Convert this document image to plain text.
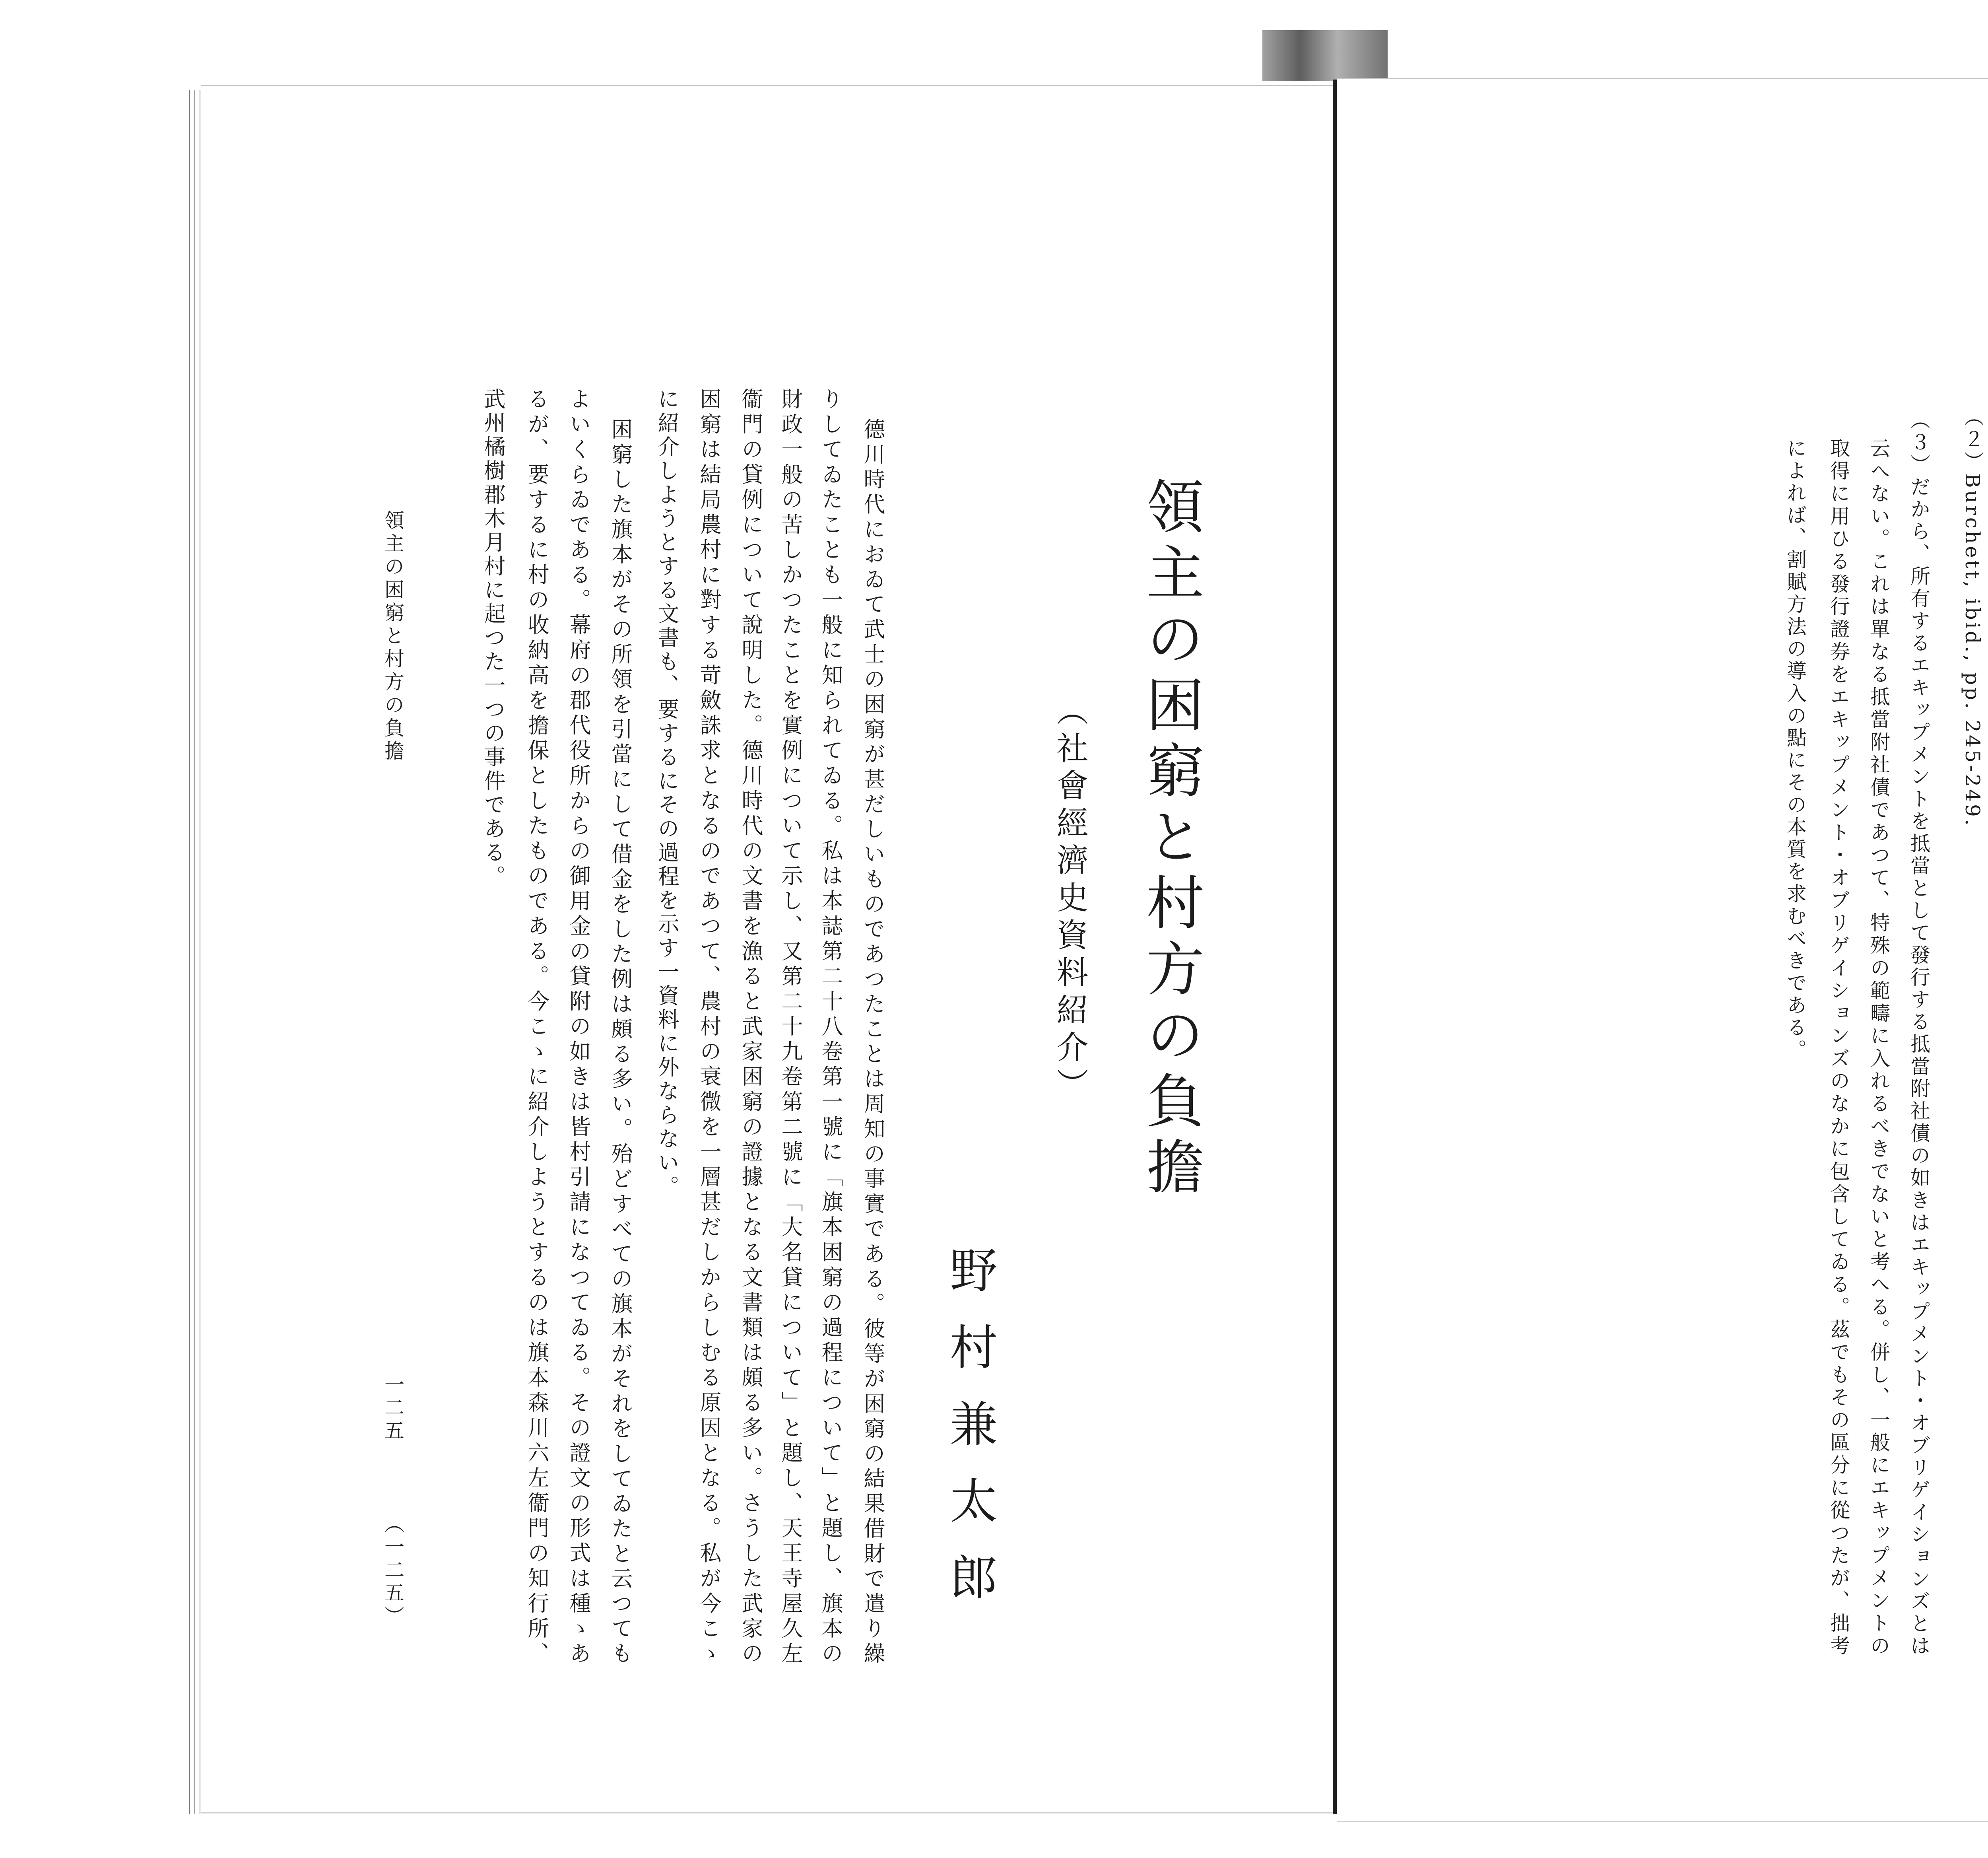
（２）Burchett, ibid., pp. 245-249.
（３）だから、所有するエキップメントを抵當として發行する抵當附社債の如きはエキップメント・オブリゲイションズとは
云へない。これは單なる抵當附社債であつて、特殊の範疇に入れるべきでないと考へる。併し、一般にエキップメントの
取得に用ひる發行證券をエキップメント・オブリゲイションズのなかに包含してゐる。茲でもその區分に從つたが、拙考
によれば、割賦方法の導入の點にその本質を求むべきである。
領主の困窮と村方の負擔
（社會經濟史資料紹介）
野村兼太郎
德川時代におゐて武士の困窮が甚だしいものであつたことは周知の事實である。彼等が困窮の結果借財で遣り繰
りしてゐたことも一般に知られてゐる。私は本誌第二十八卷第一號に「旗本困窮の過程について」と題し、旗本の
財政一般の苦しかつたことを實例について示し、又第二十九卷第二號に「大名貸について」と題し、天王寺屋久左
衞門の貸例について說明した。德川時代の文書を漁ると武家困窮の證據となる文書類は頗る多い。さうした武家の
困窮は結局農村に對する苛斂誅求となるのであつて、農村の衰微を一層甚だしからしむる原因となる。私が今こゝ
に紹介しようとする文書も、要するにその過程を示す一資料に外ならない。
困窮した旗本がその所領を引當にして借金をした例は頗る多い。殆どすべての旗本がそれをしてゐたと云つても
よいくらゐである。幕府の郡代役所からの御用金の貸附の如きは皆村引請になつてゐる。その證文の形式は種ゝあ
るが、要するに村の收納高を擔保としたものである。今こゝに紹介しようとするのは旗本森川六左衞門の知行所、
武州橘樹郡木月村に起つた一つの事件である。
領主の困窮と村方の負擔
一二五
（一二五）
